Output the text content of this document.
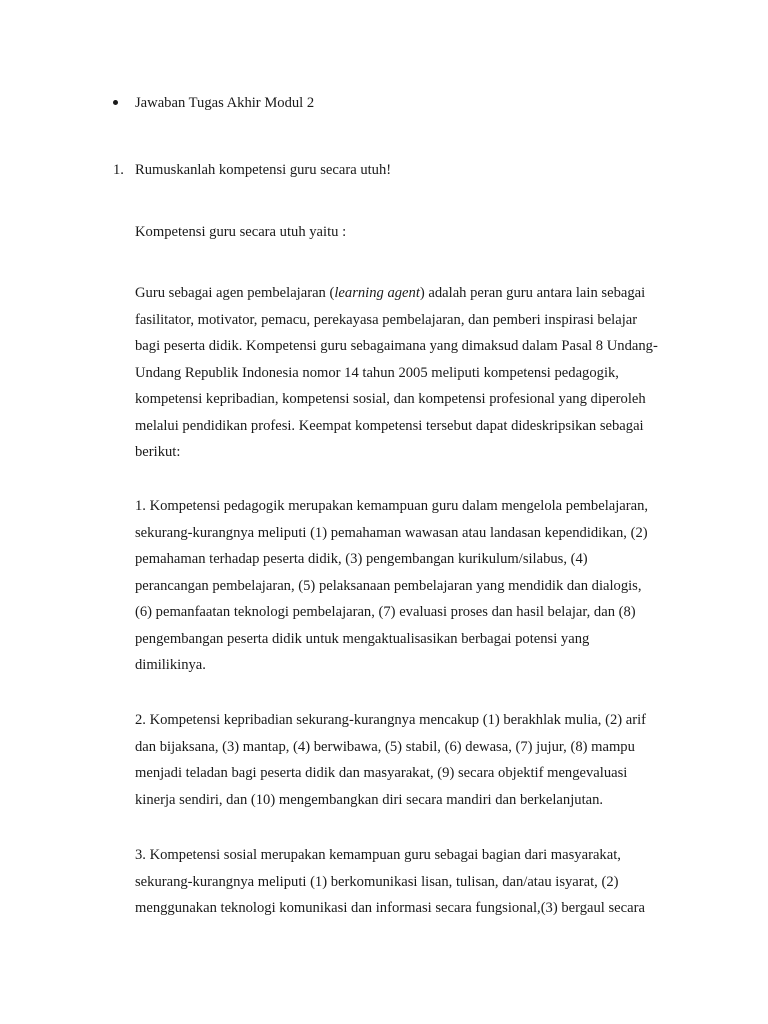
Jawaban Tugas Akhir Modul 2
1. Rumuskanlah kompetensi guru secara utuh!
Kompetensi guru secara utuh yaitu :

Guru sebagai agen pembelajaran (learning agent) adalah peran guru antara lain sebagai
fasilitator, motivator, pemacu, perekayasa pembelajaran, dan pemberi inspirasi belajar
bagi peserta didik. Kompetensi guru sebagaimana yang dimaksud dalam Pasal 8 Undang-
Undang Republik Indonesia nomor 14 tahun 2005 meliputi kompetensi pedagogik,
kompetensi kepribadian, kompetensi sosial, dan kompetensi profesional yang diperoleh
melalui pendidikan profesi. Keempat kompetensi tersebut dapat dideskripsikan sebagai
berikut:

1. Kompetensi pedagogik merupakan kemampuan guru dalam mengelola pembelajaran,
sekurang-kurangnya meliputi (1) pemahaman wawasan atau landasan kependidikan, (2)
pemahaman terhadap peserta didik, (3) pengembangan kurikulum/silabus, (4)
perancangan pembelajaran, (5) pelaksanaan pembelajaran yang mendidik dan dialogis,
(6) pemanfaatan teknologi pembelajaran, (7) evaluasi proses dan hasil belajar, dan (8)
pengembangan peserta didik untuk mengaktualisasikan berbagai potensi yang
dimilikinya.

2. Kompetensi kepribadian sekurang-kurangnya mencakup (1) berakhlak mulia, (2) arif
dan bijaksana, (3) mantap, (4) berwibawa, (5) stabil, (6) dewasa, (7) jujur, (8) mampu
menjadi teladan bagi peserta didik dan masyarakat, (9) secara objektif mengevaluasi
kinerja sendiri, dan (10) mengembangkan diri secara mandiri dan berkelanjutan.

3. Kompetensi sosial merupakan kemampuan guru sebagai bagian dari masyarakat,
sekurang-kurangnya meliputi (1) berkomunikasi lisan, tulisan, dan/atau isyarat, (2)
menggunakan teknologi komunikasi dan informasi secara fungsional,(3) bergaul secara
